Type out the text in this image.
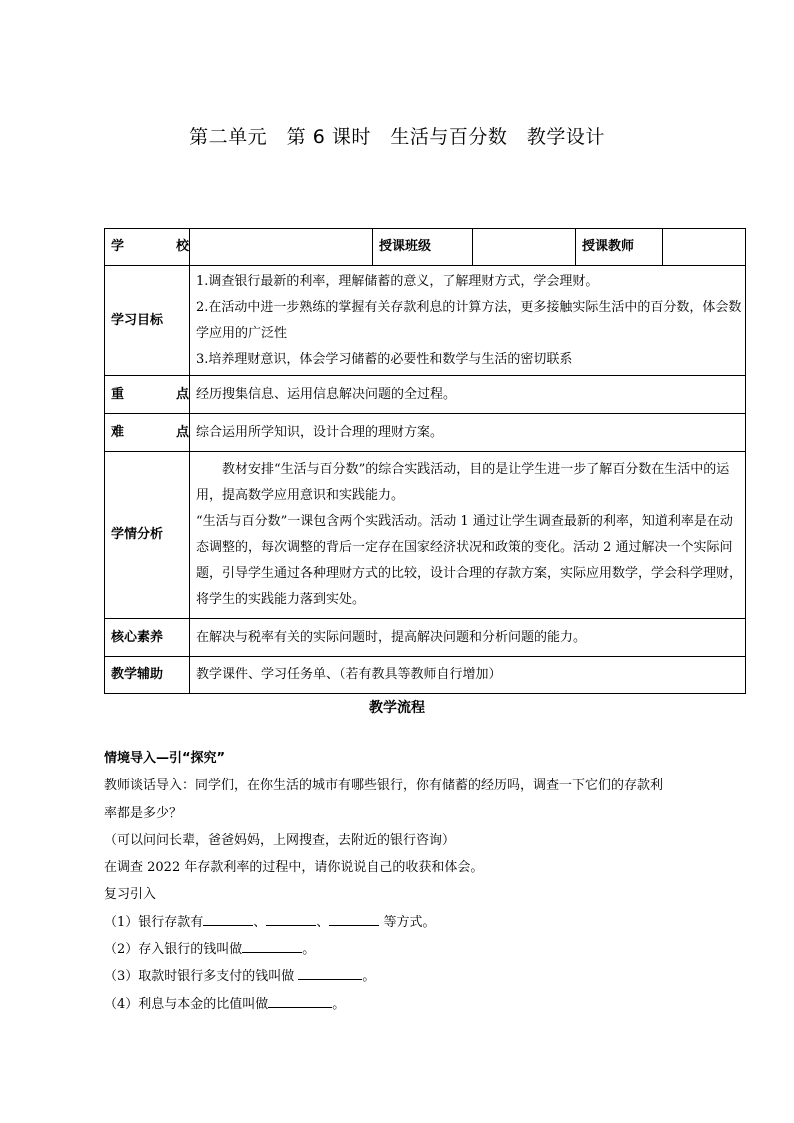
第二单元　第 6 课时　生活与百分数　教学设计
学　　校		授课班级		授课教师	
学习目标	1.调查银行最新的利率，理解储蓄的意义，了解理财方式，学会理财。

2.在活动中进一步熟练的掌握有关存款利息的计算方法，更多接触实际生活中的百分数，体会数学应用的广泛性

3.培养理财意识，体会学习储蓄的必要性和数学与生活的密切联系				

重　　点	经历搜集信息、运用信息解决问题的全过程。				
难　　点	综合运用所学知识，设计合理的理财方案。				
学情分析	教材安排“生活与百分数”的综合实践活动，目的是让学生进一步了解百分数在生活中的运用，提高数学应用意识和实践能力。

“生活与百分数”一课包含两个实践活动。活动 1 通过让学生调查最新的利率，知道利率是在动态调整的，每次调整的背后一定存在国家经济状况和政策的变化。活动 2 通过解决一个实际问题，引导学生通过各种理财方式的比较，设计合理的存款方案，实际应用数学，学会科学理财，将学生的实践能力落到实处。				

核心素养	在解决与税率有关的实际问题时，提高解决问题和分析问题的能力。				
教学辅助	教学课件、学习任务单、（若有教具等教师自行增加）				
教学流程
情境导入—引“探究”
教师谈话导入：同学们，在你生活的城市有哪些银行，你有储蓄的经历吗，调查一下它们的存款利
率都是多少？
（可以问问长辈，爸爸妈妈，上网搜查，去附近的银行咨询）
在调查 2022 年存款利率的过程中，请你说说自己的收获和体会。
复习引入
（1）银行存款有	、	、	等方式。
（2）存入银行的钱叫做	。
（3）取款时银行多支付的钱叫做	。
（4）利息与本金的比值叫做	。
